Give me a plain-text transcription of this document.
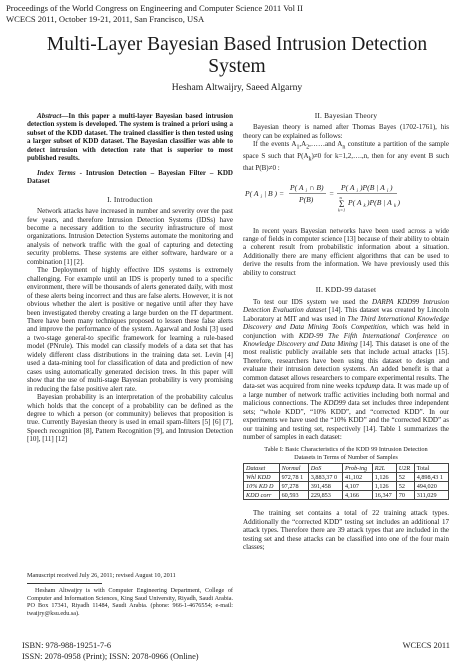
Proceedings of the World Congress on Engineering and Computer Science 2011 Vol II
WCECS 2011, October 19-21, 2011, San Francisco, USA
Multi-Layer Bayesian Based Intrusion Detection
System
Hesham Altwaijry, Saeed Algarny

Abstract—In this paper a multi-layer Bayesian based intrusion detection system is developed. The system is trained a priori using a subset of the KDD dataset. The trained classifier is then tested using a larger subset of KDD dataset. The Bayesian classifier was able to detect intrusion with detection rate that is superior to most published results.

Index Terms - Intrusion Detection – Bayesian Filter – KDD Dataset

I. Introduction

Network attacks have increased in number and severity over the past few years, and therefore Intrusion Detection Systems (IDSs) have become a necessary addition to the security infrastructure of most organizations. Intrusion Detection Systems automate the monitoring and analysis of network traffic with the goal of capturing and detecting security problems. These systems are either software, hardware or a combination [1] [2].

The Deployment of highly effective IDS systems is extremely challenging. For example until an IDS is properly tuned to a specific environment, there will be thousands of alerts generated daily, with most of these alerts being incorrect and thus are false alerts. However, it is not obvious whether the alert is positive or negative until after they have been investigated thereby creating a large burden on the IT department. There have been many techniques proposed to lessen these false alerts and improve the performance of the system. Agarwal and Joshi [3] used a two-stage general-to specific framework for learning a rule-based model (PNrule). This model can classify models of a data set that has widely different class distributions in the training data set. Levin [4] used a data-mining tool for classification of data and prediction of new cases using automatically generated decision trees. In this paper will show that the use of multi-stage Bayesian probability is very promising in reducing the false positive alert rate.

Bayesian probability is an interpretation of the probability calculus which holds that the concept of a probability can be defined as the degree to which a person (or community) believes that proposition is true. Currently Bayesian theory is used in email spam-filters [5] [6] [7], Speech recognition [8], Pattern Recognition [9], and Intrusion Detection [10], [11] [12]

Manuscript received July 26, 2011; revised August 10, 2011
Hesham Altwaijry is with Computer Engineering Department, College of Computer and Information Sciences, King Saud University, Riyadh, Saudi Arabia. PO Box 17341, Riyadh 11484, Saudi Arabia. (phone: 966-1-4676554; e-mail: twaijry@ksu.edu.sa).
II. Bayesian Theory

Bayesian theory is named after Thomas Bayes (1702-1761), his theory can be explained as follows:

If the events $A_1,A_2,\dots\dots and$ $A_n$ constitute a partition of the sample space S such that $P(A_k)\ne 0$ for k=1,2,….,n, then for any event B such that P(B)≠0 :

P( A i | B ) =
P( A i ∩ B)
P(B)
=
P( A i )P(B | A i )
Σ
n
k=1
P( A k )P(B | A k )

In recent years Bayesian networks have been used across a wide range of fields in computer science [13] because of their ability to obtain a coherent result from probabilistic information about a situation. Additionally there are many efficient algorithms that can be used to derive the results from the information. We have previously used this ability to construct

II. KDD-99 dataset

To test our IDS system we used the DARPA KDD99 Intrusion Detection Evaluation dataset [14]. This dataset was created by Lincoln Laboratory at MIT and was used in The Third International Knowledge Discovery and Data Mining Tools Competition, which was held in conjunction with KDD-99 The Fifth International Conference on Knowledge Discovery and Data Mining [14]. This dataset is one of the most realistic publicly available sets that include actual attacks [15]. Therefore, researchers have been using this dataset to design and evaluate their intrusion detection systems. An added benefit is that a common dataset allows researchers to compare experimental results. The data-set was acquired from nine weeks tcpdump data. It was made up of a large number of network traffic activities including both normal and malicious connections. The KDD99 data set includes three independent sets; “whole KDD”, “10% KDD”, and “corrected KDD”. In our experiments we have used the “10% KDD” and the “corrected KDD” as our training and testing set, respectively [14]. Table 1 summarizes the number of samples in each dataset:

Table I: Basic Characteristics of the KDD 99 Intrusion Detection
Datasets in Terms of Number of Samples
Dataset	Normal	DoS	Prob-ing	R2L	U2R	Total
Whl KDD	972,78 1	3,883,37 0	41,102	1,126	52	4,898,43 1
10% KD D	97,278	391,458	4,107	1,126	52	494,020
KDD corr	60,593	229,853	4,166	16,347	70	311,029

The training set contains a total of 22 training attack types. Additionally the “corrected KDD” testing set includes an additional 17 attack types. Therefore there are 39 attack types that are included in the testing set and these attacks can be classified into one of the four main classes;

ISBN: 978-988-19251-7-6
ISSN: 2078-0958 (Print); ISSN: 2078-0966 (Online)
WCECS 2011
